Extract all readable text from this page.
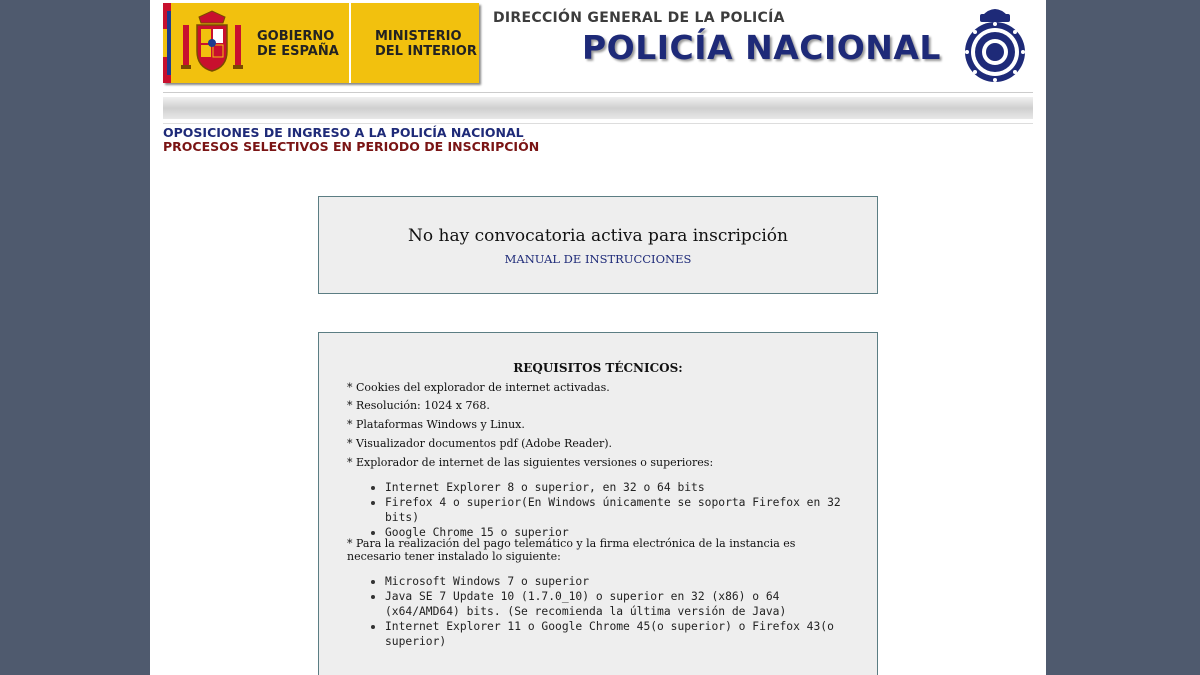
GOBIERNO
DE ESPAÑA
MINISTERIO
DEL INTERIOR
DIRECCIÓN GENERAL DE LA POLICÍA
POLICÍA NACIONAL
OPOSICIONES DE INGRESO A LA POLICÍA NACIONAL
PROCESOS SELECTIVOS EN PERIODO DE INSCRIPCIÓN
No hay convocatoria activa para inscripción
MANUAL DE INSTRUCCIONES
REQUISITOS TÉCNICOS:
* Cookies del explorador de internet activadas.
* Resolución: 1024 x 768.
* Plataformas Windows y Linux.
* Visualizador documentos pdf (Adobe Reader).
* Explorador de internet de las siguientes versiones o superiores:
Internet Explorer 8 o superior, en 32 o 64 bits
Firefox 4 o superior(En Windows únicamente se soporta Firefox en 32 bits)
Google Chrome 15 o superior
* Para la realización del pago telemático y la firma electrónica de la instancia es necesario tener instalado lo siguiente:
Microsoft Windows 7 o superior
Java SE 7 Update 10 (1.7.0_10) o superior en 32 (x86) o 64 (x64/AMD64) bits. (Se recomienda la última versión de Java)
Internet Explorer 11 o Google Chrome 45(o superior) o Firefox 43(o superior)
